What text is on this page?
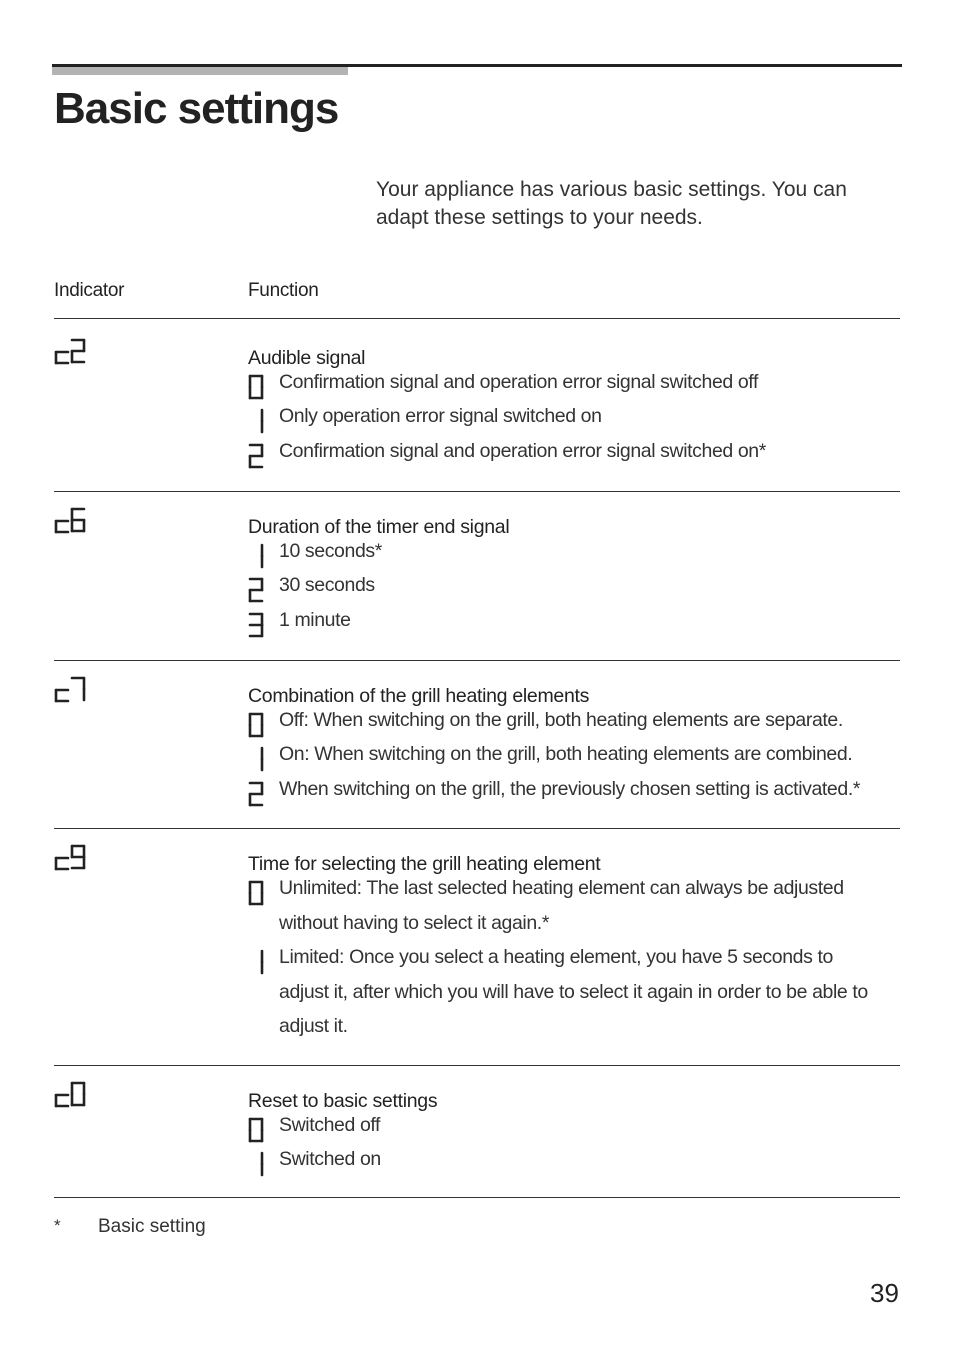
Basic settings
Your appliance has various basic settings. You can adapt these settings to your needs.
Indicator	Function
Audible signal
Confirmation signal and operation error signal switched off
Only operation error signal switched on
Confirmation signal and operation error signal switched on*
Duration of the timer end signal
10 seconds*
30 seconds
1 minute
Combination of the grill heating elements
Off: When switching on the grill, both heating elements are separate.
On: When switching on the grill, both heating elements are combined.
When switching on the grill, the previously chosen setting is activated.*
Time for selecting the grill heating element
Unlimited: The last selected heating element can always be adjusted without having to select it again.*
Limited: Once you select a heating element, you have 5 seconds to adjust it, after which you will have to select it again in order to be able to adjust it.
Reset to basic settings
Switched off
Switched on
* Basic setting
39
